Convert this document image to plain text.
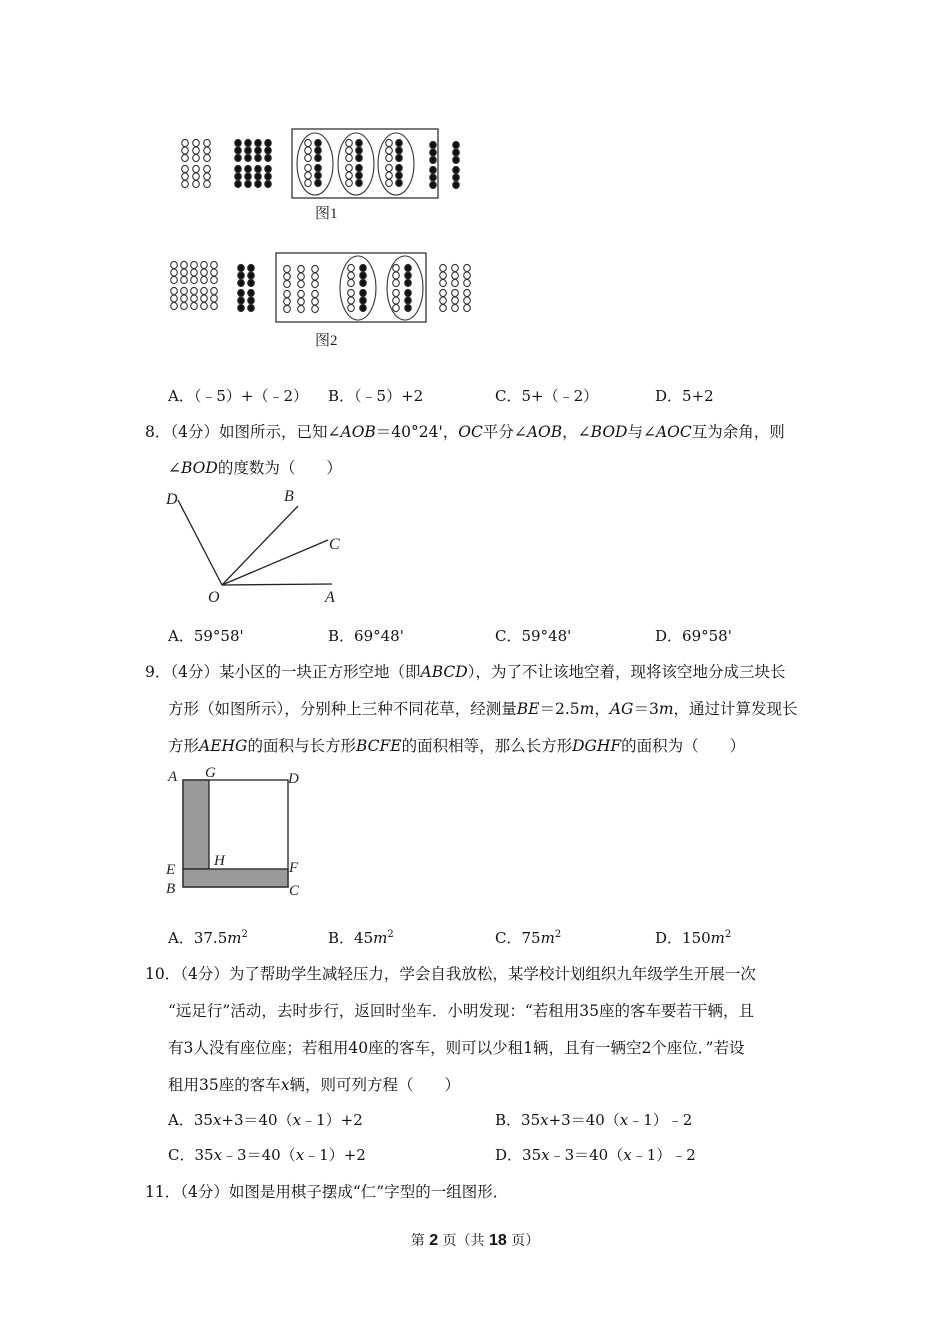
图1
图2
A．（﹣5）+（﹣2） B．（﹣5）+2	C．5+（﹣2）	D．5+2
8．（4分）如图所示，已知∠AOB＝40°24'，OC平分∠AOB，∠BOD与∠AOC互为余角，则
∠BOD的度数为（　　）
D	B
C
O	A
A．59°58'	B．69°48'	C．59°48'	D．69°58'
9．（4分）某小区的一块正方形空地（即ABCD），为了不让该地空着，现将该空地分成三块长
方形（如图所示），分别种上三种不同花草，经测量BE＝2.5m，AG＝3m，通过计算发现长
方形AEHG的面积与长方形BCFE的面积相等，那么长方形DGHF的面积为（　　）
A G	D
E
H	F
B	C
A．$37.5m^2$	B．$45m^2$	C．$75m^2$	D．$150m^2$
10．（4分）为了帮助学生减轻压力，学会自我放松，某学校计划组织九年级学生开展一次
“远足行”活动，去时步行，返回时坐车．小明发现：“若租用35座的客车要若干辆，且
有3人没有座位座；若租用40座的客车，则可以少租1辆，且有一辆空2个座位．”若设
租用35座的客车x辆，则可列方程（　　）
A．35x+3＝40（x﹣1）+2	B．35x+3＝40（x﹣1）﹣2
C．35x﹣3＝40（x﹣1）+2	D．35x﹣3＝40（x﹣1）﹣2
11．（4分）如图是用棋子摆成“仁”字型的一组图形．
第 2 页（共 18 页）
